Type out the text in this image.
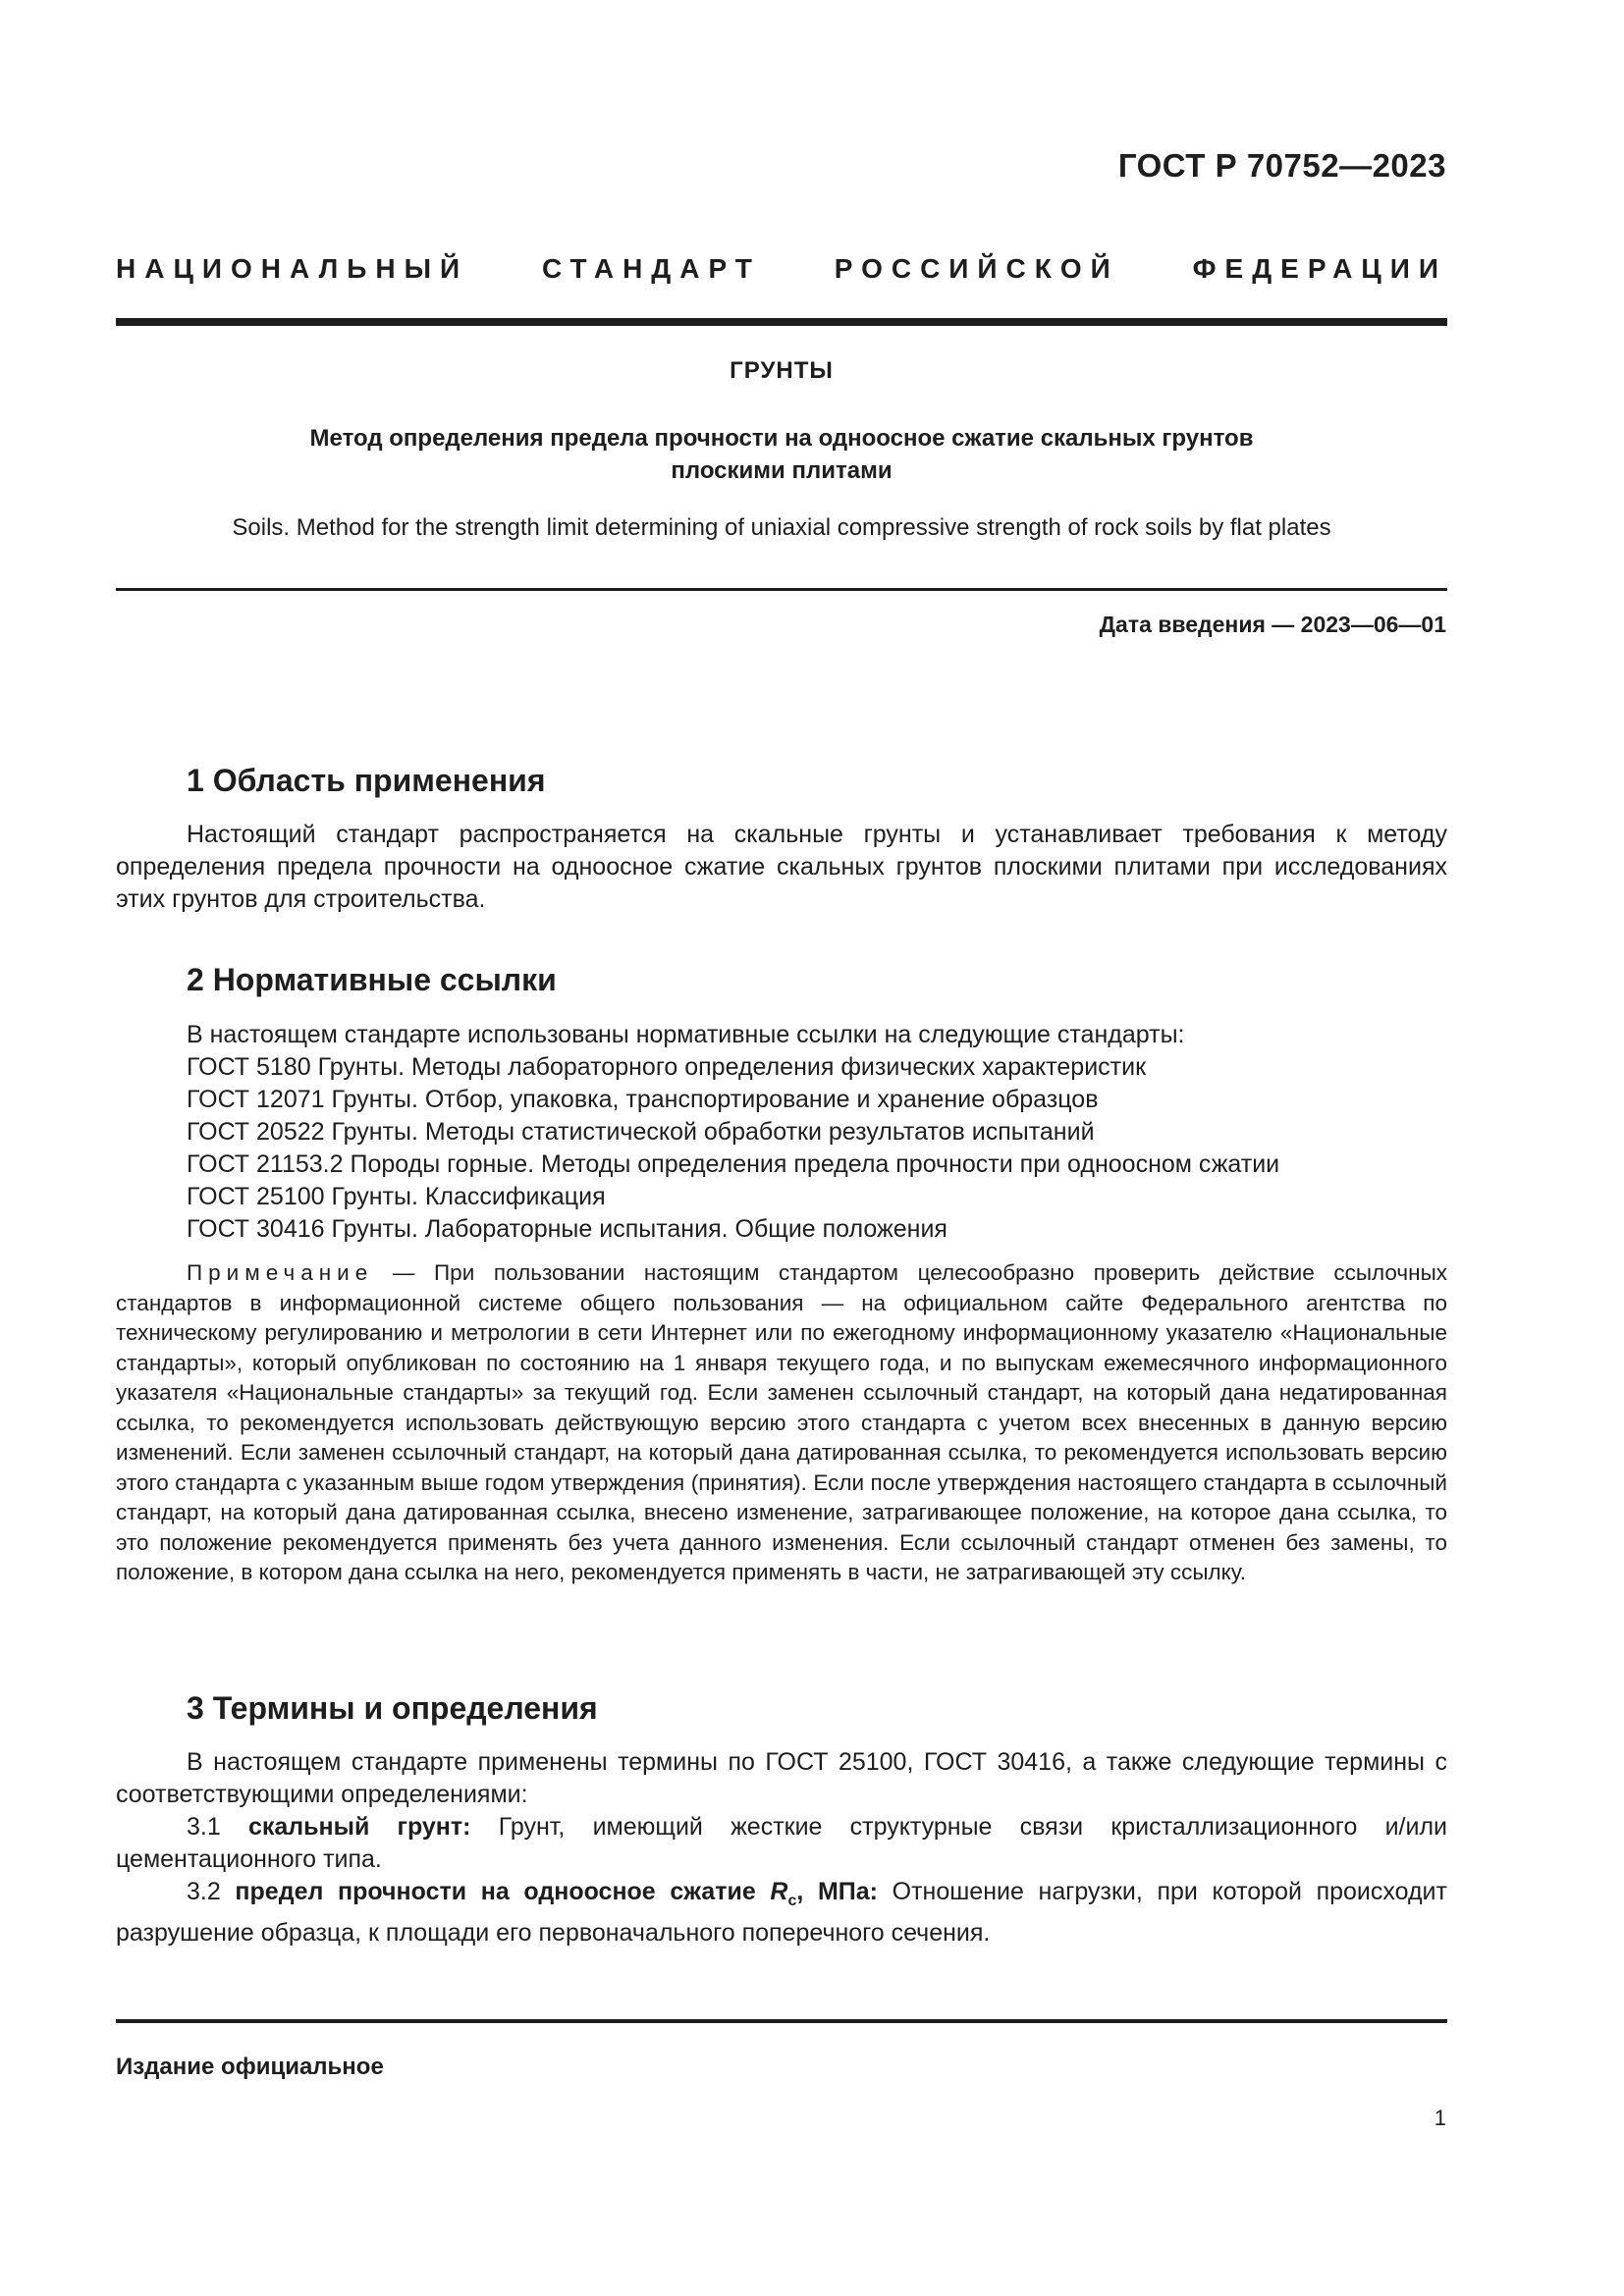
ГОСТ Р 70752—2023
НАЦИОНАЛЬНЫЙ СТАНДАРТ РОССИЙСКОЙ ФЕДЕРАЦИИ
ГРУНТЫ
Метод определения предела прочности на одноосное сжатие скальных грунтов
плоскими плитами
Soils. Method for the strength limit determining of uniaxial compressive strength of rock soils by flat plates
Дата введения — 2023—06—01
1 Область применения
Настоящий стандарт распространяется на скальные грунты и устанавливает требования к методу определения предела прочности на одноосное сжатие скальных грунтов плоскими плитами при исследованиях этих грунтов для строительства.
2 Нормативные ссылки
В настоящем стандарте использованы нормативные ссылки на следующие стандарты:
ГОСТ 5180 Грунты. Методы лабораторного определения физических характеристик
ГОСТ 12071 Грунты. Отбор, упаковка, транспортирование и хранение образцов
ГОСТ 20522 Грунты. Методы статистической обработки результатов испытаний
ГОСТ 21153.2 Породы горные. Методы определения предела прочности при одноосном сжатии
ГОСТ 25100 Грунты. Классификация
ГОСТ 30416 Грунты. Лабораторные испытания. Общие положения
Примечание — При пользовании настоящим стандартом целесообразно проверить действие ссылочных стандартов в информационной системе общего пользования — на официальном сайте Федерального агентства по техническому регулированию и метрологии в сети Интернет или по ежегодному информационному указателю «Национальные стандарты», который опубликован по состоянию на 1 января текущего года, и по выпускам ежемесячного информационного указателя «Национальные стандарты» за текущий год. Если заменен ссылочный стандарт, на который дана недатированная ссылка, то рекомендуется использовать действующую версию этого стандарта с учетом всех внесенных в данную версию изменений. Если заменен ссылочный стандарт, на который дана датированная ссылка, то рекомендуется использовать версию этого стандарта с указанным выше годом утверждения (принятия). Если после утверждения настоящего стандарта в ссылочный стандарт, на который дана датированная ссылка, внесено изменение, затрагивающее положение, на которое дана ссылка, то это положение рекомендуется применять без учета данного изменения. Если ссылочный стандарт отменен без замены, то положение, в котором дана ссылка на него, рекомендуется применять в части, не затрагивающей эту ссылку.
3 Термины и определения
В настоящем стандарте применены термины по ГОСТ 25100, ГОСТ 30416, а также следующие термины с соответствующими определениями:
3.1 скальный грунт: Грунт, имеющий жесткие структурные связи кристаллизационного и/или цементационного типа.
3.2 предел прочности на одноосное сжатие $R_c$, МПа: Отношение нагрузки, при которой происходит разрушение образца, к площади его первоначального поперечного сечения.
Издание официальное
1
